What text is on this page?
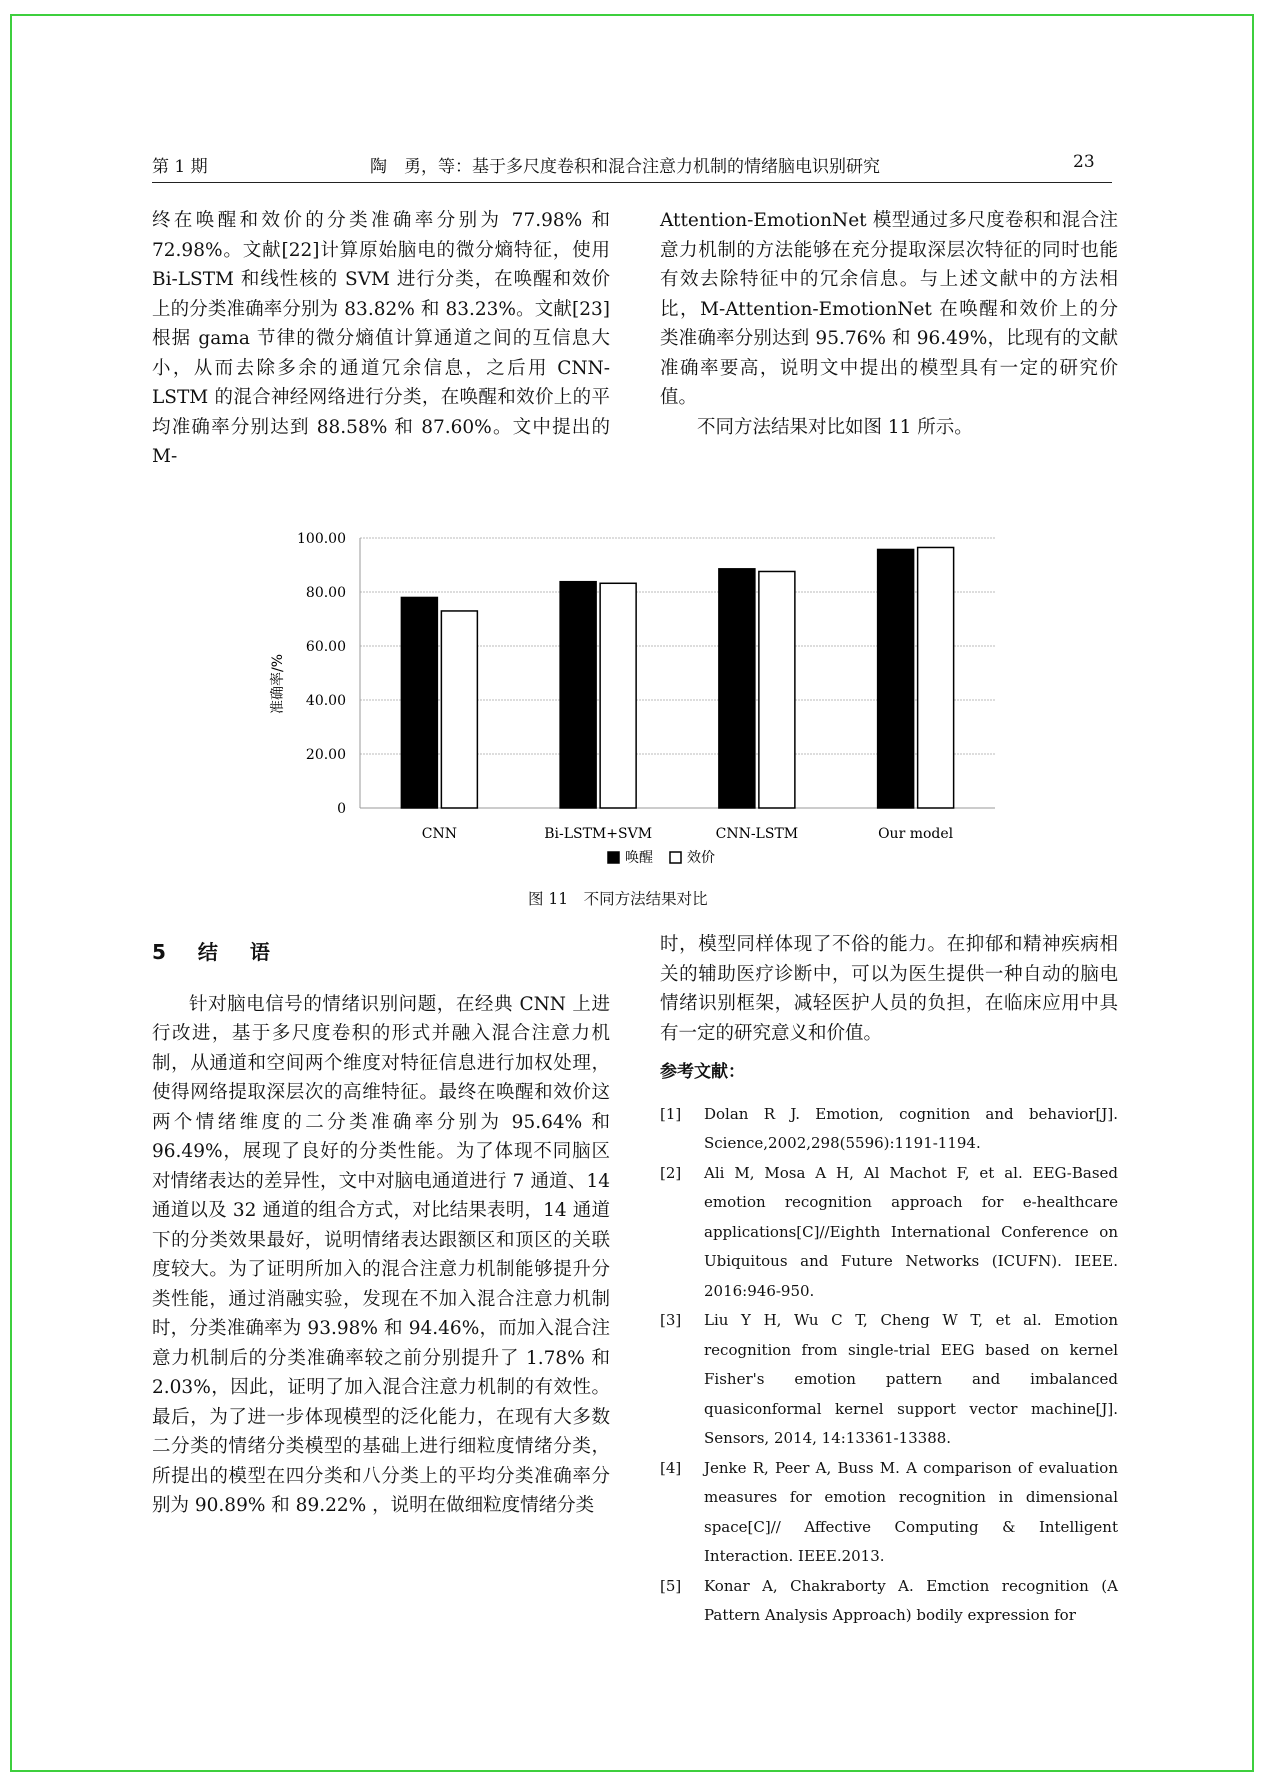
第 1 期	陶　勇，等：基于多尺度卷积和混合注意力机制的情绪脑电识别研究	23

终在唤醒和效价的分类准确率分别为 77.98% 和 72.98%。文献[22]计算原始脑电的微分熵特征，使用 Bi-LSTM 和线性核的 SVM 进行分类，在唤醒和效价上的分类准确率分别为 83.82% 和 83.23%。文献[23]根据 gama 节律的微分熵值计算通道之间的互信息大小，从而去除多余的通道冗余信息，之后用 CNN-LSTM 的混合神经网络进行分类，在唤醒和效价上的平均准确率分别达到 88.58% 和 87.60%。文中提出的 M-

Attention-EmotionNet 模型通过多尺度卷积和混合注意力机制的方法能够在充分提取深层次特征的同时也能有效去除特征中的冗余信息。与上述文献中的方法相比，M-Attention-EmotionNet 在唤醒和效价上的分类准确率分别达到 95.76% 和 96.49%，比现有的文献准确率要高，说明文中提出的模型具有一定的研究价值。

不同方法结果对比如图 11 所示。

0
20.00
40.00
60.00
80.00
100.00
CNN	Bi-LSTM+SVM	CNN-LSTM	Our model
准确率/%
唤醒 效价
图 11　不同方法结果对比
5　结　语

针对脑电信号的情绪识别问题，在经典 CNN 上进行改进，基于多尺度卷积的形式并融入混合注意力机制，从通道和空间两个维度对特征信息进行加权处理，使得网络提取深层次的高维特征。最终在唤醒和效价这两个情绪维度的二分类准确率分别为 95.64% 和 96.49%，展现了良好的分类性能。为了体现不同脑区对情绪表达的差异性，文中对脑电通道进行 7 通道、14 通道以及 32 通道的组合方式，对比结果表明，14 通道下的分类效果最好，说明情绪表达跟额区和顶区的关联度较大。为了证明所加入的混合注意力机制能够提升分类性能，通过消融实验，发现在不加入混合注意力机制时，分类准确率为 93.98% 和 94.46%，而加入混合注意力机制后的分类准确率较之前分别提升了 1.78% 和 2.03%，因此，证明了加入混合注意力机制的有效性。最后，为了进一步体现模型的泛化能力，在现有大多数二分类的情绪分类模型的基础上进行细粒度情绪分类，所提出的模型在四分类和八分类上的平均分类准确率分别为 90.89% 和 89.22% ，说明在做细粒度情绪分类

时，模型同样体现了不俗的能力。在抑郁和精神疾病相关的辅助医疗诊断中，可以为医生提供一种自动的脑电情绪识别框架，减轻医护人员的负担，在临床应用中具有一定的研究意义和价值。

参考文献：
[1]	Dolan R J. Emotion, cognition and behavior[J]. Science,2002,298(5596):1191-1194.
[2]	Ali M, Mosa A H, Al Machot F, et al. EEG-Based emotion recognition approach for e-healthcare applications[C]//Eighth International Conference on Ubiquitous and Future Networks (ICUFN). IEEE. 2016:946-950.
[3]	Liu Y H, Wu C T, Cheng W T, et al. Emotion recognition from single-trial EEG based on kernel Fisher's emotion pattern and imbalanced quasiconformal kernel support vector machine[J]. Sensors, 2014, 14:13361-13388.
[4]	Jenke R, Peer A, Buss M. A comparison of evaluation measures for emotion recognition in dimensional space[C]// Affective Computing & Intelligent Interaction. IEEE.2013.
[5]	Konar A, Chakraborty A. Emction recognition (A Pattern Analysis Approach) bodily expression for
